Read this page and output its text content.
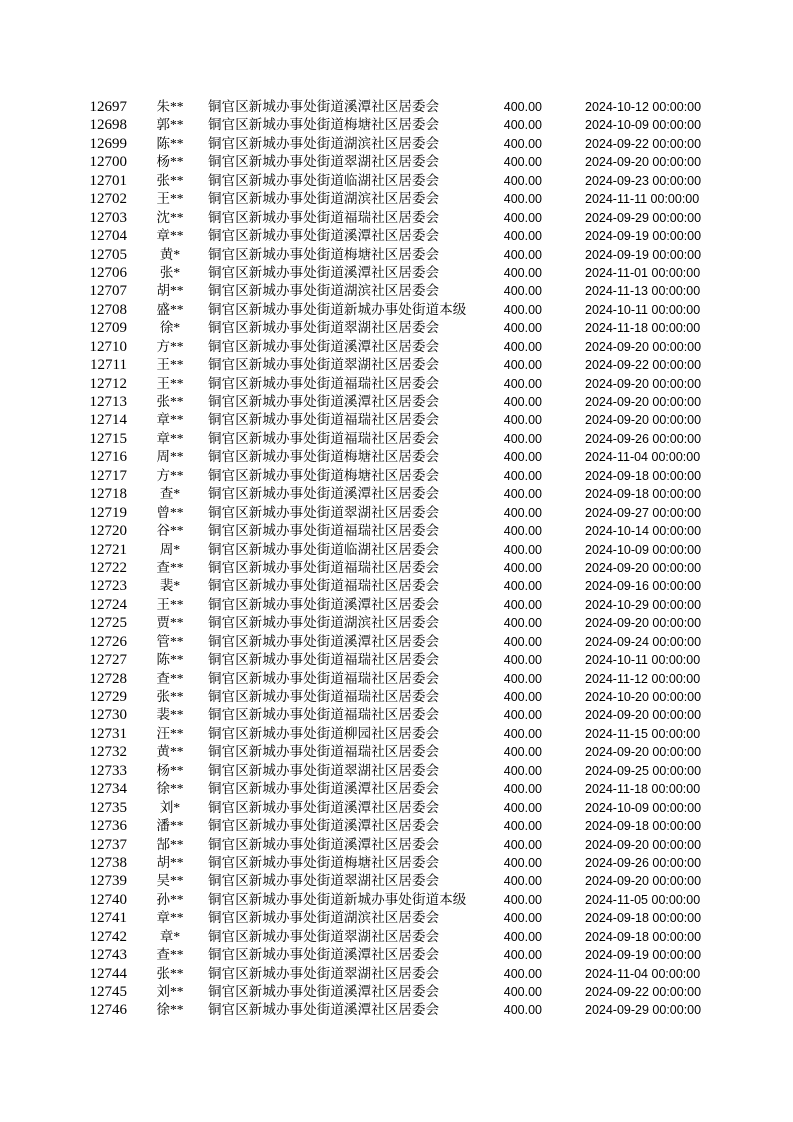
12697	朱**	铜官区新城办事处街道溪潭社区居委会	400.00	2024-10-12 00:00:00
12698	郭**	铜官区新城办事处街道梅塘社区居委会	400.00	2024-10-09 00:00:00
12699	陈**	铜官区新城办事处街道湖滨社区居委会	400.00	2024-09-22 00:00:00
12700	杨**	铜官区新城办事处街道翠湖社区居委会	400.00	2024-09-20 00:00:00
12701	张**	铜官区新城办事处街道临湖社区居委会	400.00	2024-09-23 00:00:00
12702	王**	铜官区新城办事处街道湖滨社区居委会	400.00	2024-11-11 00:00:00
12703	沈**	铜官区新城办事处街道福瑞社区居委会	400.00	2024-09-29 00:00:00
12704	章**	铜官区新城办事处街道溪潭社区居委会	400.00	2024-09-19 00:00:00
12705	黄*	铜官区新城办事处街道梅塘社区居委会	400.00	2024-09-19 00:00:00
12706	张*	铜官区新城办事处街道溪潭社区居委会	400.00	2024-11-01 00:00:00
12707	胡**	铜官区新城办事处街道湖滨社区居委会	400.00	2024-11-13 00:00:00
12708	盛**	铜官区新城办事处街道新城办事处街道本级	400.00	2024-10-11 00:00:00
12709	徐*	铜官区新城办事处街道翠湖社区居委会	400.00	2024-11-18 00:00:00
12710	方**	铜官区新城办事处街道溪潭社区居委会	400.00	2024-09-20 00:00:00
12711	王**	铜官区新城办事处街道翠湖社区居委会	400.00	2024-09-22 00:00:00
12712	王**	铜官区新城办事处街道福瑞社区居委会	400.00	2024-09-20 00:00:00
12713	张**	铜官区新城办事处街道溪潭社区居委会	400.00	2024-09-20 00:00:00
12714	章**	铜官区新城办事处街道福瑞社区居委会	400.00	2024-09-20 00:00:00
12715	章**	铜官区新城办事处街道福瑞社区居委会	400.00	2024-09-26 00:00:00
12716	周**	铜官区新城办事处街道梅塘社区居委会	400.00	2024-11-04 00:00:00
12717	方**	铜官区新城办事处街道梅塘社区居委会	400.00	2024-09-18 00:00:00
12718	查*	铜官区新城办事处街道溪潭社区居委会	400.00	2024-09-18 00:00:00
12719	曾**	铜官区新城办事处街道翠湖社区居委会	400.00	2024-09-27 00:00:00
12720	谷**	铜官区新城办事处街道福瑞社区居委会	400.00	2024-10-14 00:00:00
12721	周*	铜官区新城办事处街道临湖社区居委会	400.00	2024-10-09 00:00:00
12722	查**	铜官区新城办事处街道福瑞社区居委会	400.00	2024-09-20 00:00:00
12723	裴*	铜官区新城办事处街道福瑞社区居委会	400.00	2024-09-16 00:00:00
12724	王**	铜官区新城办事处街道溪潭社区居委会	400.00	2024-10-29 00:00:00
12725	贾**	铜官区新城办事处街道湖滨社区居委会	400.00	2024-09-20 00:00:00
12726	管**	铜官区新城办事处街道溪潭社区居委会	400.00	2024-09-24 00:00:00
12727	陈**	铜官区新城办事处街道福瑞社区居委会	400.00	2024-10-11 00:00:00
12728	查**	铜官区新城办事处街道福瑞社区居委会	400.00	2024-11-12 00:00:00
12729	张**	铜官区新城办事处街道福瑞社区居委会	400.00	2024-10-20 00:00:00
12730	裴**	铜官区新城办事处街道福瑞社区居委会	400.00	2024-09-20 00:00:00
12731	汪**	铜官区新城办事处街道柳园社区居委会	400.00	2024-11-15 00:00:00
12732	黄**	铜官区新城办事处街道福瑞社区居委会	400.00	2024-09-20 00:00:00
12733	杨**	铜官区新城办事处街道翠湖社区居委会	400.00	2024-09-25 00:00:00
12734	徐**	铜官区新城办事处街道溪潭社区居委会	400.00	2024-11-18 00:00:00
12735	刘*	铜官区新城办事处街道溪潭社区居委会	400.00	2024-10-09 00:00:00
12736	潘**	铜官区新城办事处街道溪潭社区居委会	400.00	2024-09-18 00:00:00
12737	郜**	铜官区新城办事处街道溪潭社区居委会	400.00	2024-09-20 00:00:00
12738	胡**	铜官区新城办事处街道梅塘社区居委会	400.00	2024-09-26 00:00:00
12739	吴**	铜官区新城办事处街道翠湖社区居委会	400.00	2024-09-20 00:00:00
12740	孙**	铜官区新城办事处街道新城办事处街道本级	400.00	2024-11-05 00:00:00
12741	章**	铜官区新城办事处街道湖滨社区居委会	400.00	2024-09-18 00:00:00
12742	章*	铜官区新城办事处街道翠湖社区居委会	400.00	2024-09-18 00:00:00
12743	查**	铜官区新城办事处街道溪潭社区居委会	400.00	2024-09-19 00:00:00
12744	张**	铜官区新城办事处街道翠湖社区居委会	400.00	2024-11-04 00:00:00
12745	刘**	铜官区新城办事处街道溪潭社区居委会	400.00	2024-09-22 00:00:00
12746	徐**	铜官区新城办事处街道溪潭社区居委会	400.00	2024-09-29 00:00:00
